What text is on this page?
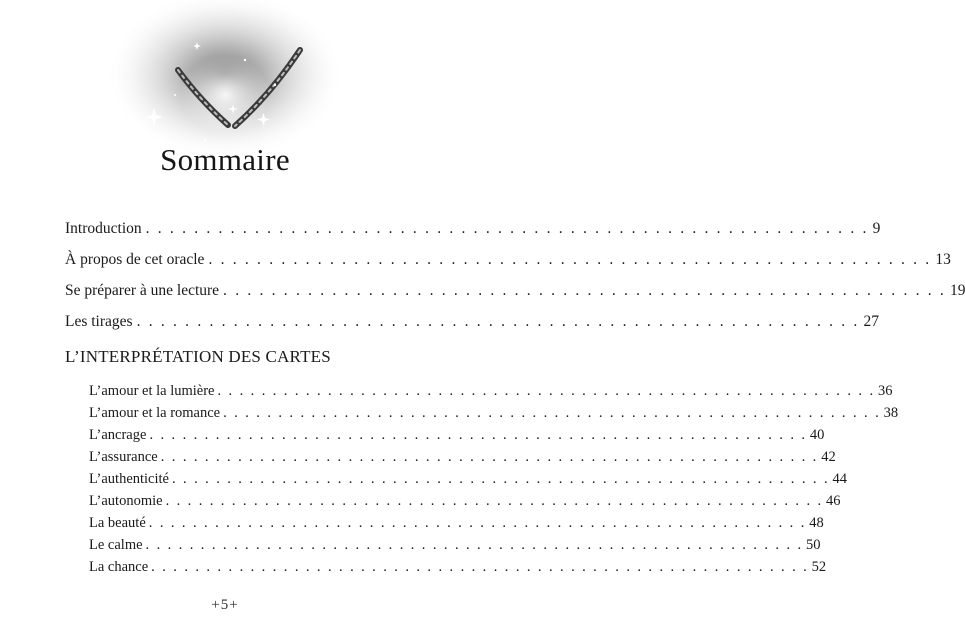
Sommaire
Introduction . . . . . . . . . . . . . . . . . . . . . . . . . . . . . . . . . . . . . . . . . . . . . . . . . . . . . . . . . . . . 9
À propos de cet oracle . . . . . . . . . . . . . . . . . . . . . . . . . . . . . . . . . . . . . . . . . . . . . . . . . . . . . . . . . . . . 13
Se préparer à une lecture . . . . . . . . . . . . . . . . . . . . . . . . . . . . . . . . . . . . . . . . . . . . . . . . . . . . . . . . . . . . 19
Les tirages . . . . . . . . . . . . . . . . . . . . . . . . . . . . . . . . . . . . . . . . . . . . . . . . . . . . . . . . . . . . 27
L’INTERPRÉTATION DES CARTES
L’amour et la lumière . . . . . . . . . . . . . . . . . . . . . . . . . . . . . . . . . . . . . . . . . . . . . . . . . . . . . . . . . . . . 36
L’amour et la romance . . . . . . . . . . . . . . . . . . . . . . . . . . . . . . . . . . . . . . . . . . . . . . . . . . . . . . . . . . . . 38
L’ancrage . . . . . . . . . . . . . . . . . . . . . . . . . . . . . . . . . . . . . . . . . . . . . . . . . . . . . . . . . . . . 40
L’assurance . . . . . . . . . . . . . . . . . . . . . . . . . . . . . . . . . . . . . . . . . . . . . . . . . . . . . . . . . . . . 42
L’authenticité . . . . . . . . . . . . . . . . . . . . . . . . . . . . . . . . . . . . . . . . . . . . . . . . . . . . . . . . . . . . 44
L’autonomie . . . . . . . . . . . . . . . . . . . . . . . . . . . . . . . . . . . . . . . . . . . . . . . . . . . . . . . . . . . . 46
La beauté . . . . . . . . . . . . . . . . . . . . . . . . . . . . . . . . . . . . . . . . . . . . . . . . . . . . . . . . . . . . 48
Le calme . . . . . . . . . . . . . . . . . . . . . . . . . . . . . . . . . . . . . . . . . . . . . . . . . . . . . . . . . . . . 50
La chance . . . . . . . . . . . . . . . . . . . . . . . . . . . . . . . . . . . . . . . . . . . . . . . . . . . . . . . . . . . . 52
+5+
